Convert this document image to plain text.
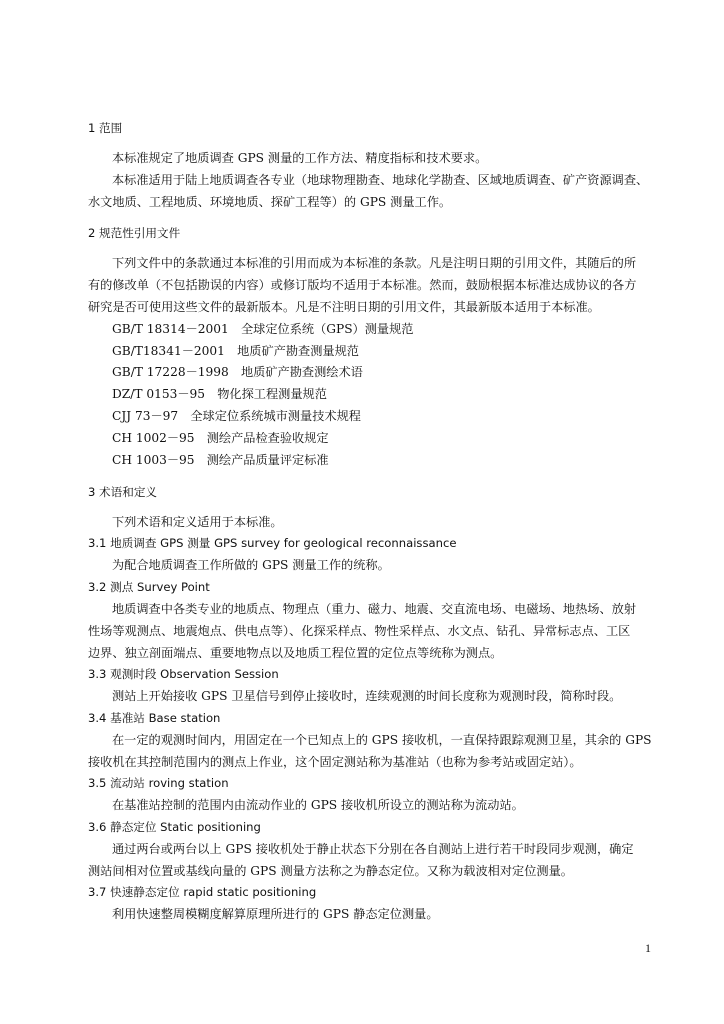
1 范围
本标准规定了地质调查 GPS 测量的工作方法、精度指标和技术要求。
本标准适用于陆上地质调查各专业（地球物理勘查、地球化学勘查、区域地质调查、矿产资源调查、
水文地质、工程地质、环境地质、探矿工程等）的 GPS 测量工作。
2 规范性引用文件
下列文件中的条款通过本标准的引用而成为本标准的条款。凡是注明日期的引用文件，其随后的所
有的修改单（不包括勘误的内容）或修订版均不适用于本标准。然而，鼓励根据本标准达成协议的各方
研究是否可使用这些文件的最新版本。凡是不注明日期的引用文件，其最新版本适用于本标准。
GB/T 18314－2001　全球定位系统（GPS）测量规范
GB/T18341－2001　地质矿产勘查测量规范
GB/T 17228－1998　地质矿产勘查测绘术语
DZ/T 0153－95　物化探工程测量规范
CJJ 73－97　全球定位系统城市测量技术规程
CH 1002－95　测绘产品检查验收规定
CH 1003－95　测绘产品质量评定标准
3 术语和定义
下列术语和定义适用于本标准。
3.1 地质调查 GPS 测量 GPS survey for geological reconnaissance
为配合地质调查工作所做的 GPS 测量工作的统称。
3.2 测点 Survey Point
地质调查中各类专业的地质点、物理点（重力、磁力、地震、交直流电场、电磁场、地热场、放射
性场等观测点、地震炮点、供电点等）、化探采样点、物性采样点、水文点、钻孔、异常标志点、工区
边界、独立剖面端点、重要地物点以及地质工程位置的定位点等统称为测点。
3.3 观测时段 Observation Session
测站上开始接收 GPS 卫星信号到停止接收时，连续观测的时间长度称为观测时段，简称时段。
3.4 基准站 Base station
在一定的观测时间内，用固定在一个已知点上的 GPS 接收机，一直保持跟踪观测卫星，其余的 GPS
接收机在其控制范围内的测点上作业，这个固定测站称为基准站（也称为参考站或固定站）。
3.5 流动站 roving station
在基准站控制的范围内由流动作业的 GPS 接收机所设立的测站称为流动站。
3.6 静态定位 Static positioning
通过两台或两台以上 GPS 接收机处于静止状态下分别在各自测站上进行若干时段同步观测，确定
测站间相对位置或基线向量的 GPS 测量方法称之为静态定位。又称为载波相对定位测量。
3.7 快速静态定位 rapid static positioning
利用快速整周模糊度解算原理所进行的 GPS 静态定位测量。
1
